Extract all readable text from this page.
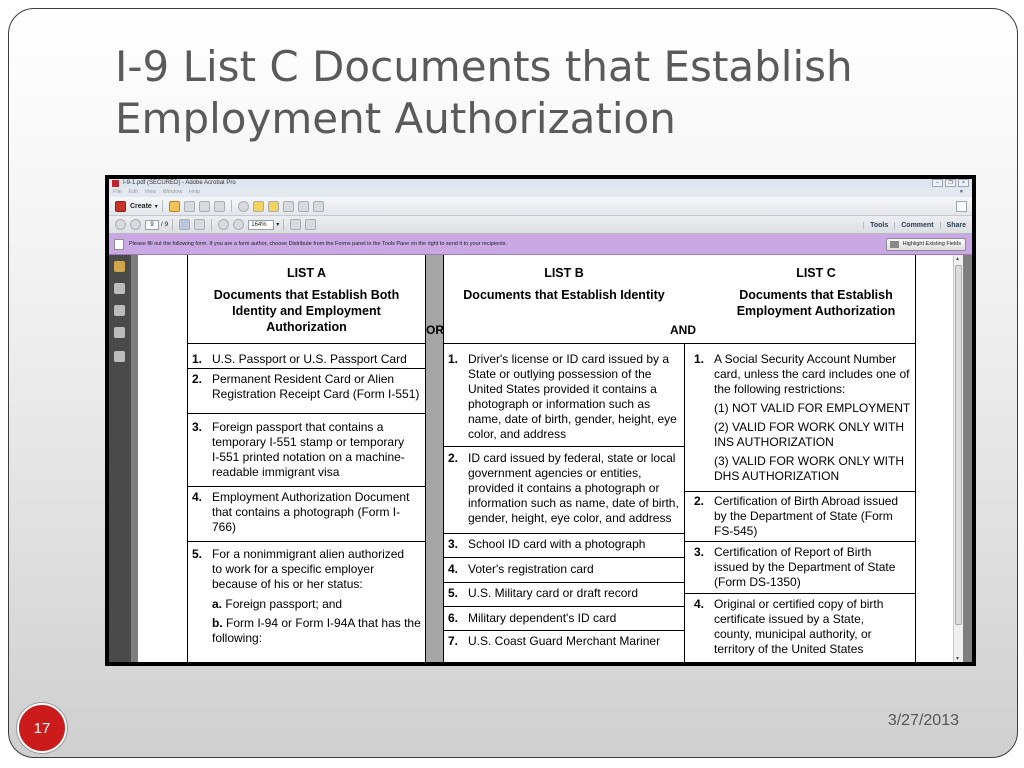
I-9 List C Documents that Establish Employment Authorization
I-9-1.pdf (SECURED) - Adobe Acrobat Pro	–	❐	×
File Edit View Window Help	×
Create ▾
9	/ 9	164%	▾	Tools	Comment	Share
Please fill out the following form. If you are a form author, choose Distribute from the Forms panel in the Tools Pane on the right to send it to your recipients.	Highlight Existing Fields
LIST A
Documents that Establish Both Identity and Employment Authorization
LIST B
Documents that Establish Identity
LIST C
Documents that Establish Employment Authorization
OR	AND
1. U.S. Passport or U.S. Passport Card
2. Permanent Resident Card or Alien Registration Receipt Card (Form I-551)
3. Foreign passport that contains a temporary I-551 stamp or temporary I-551 printed notation on a machine-readable immigrant visa
4. Employment Authorization Document that contains a photograph (Form I-766)
5. For a nonimmigrant alien authorized to work for a specific employer because of his or her status:
a. Foreign passport; and
b. Form I-94 or Form I-94A that has the following:
1. Driver's license or ID card issued by a State or outlying possession of the United States provided it contains a photograph or information such as name, date of birth, gender, height, eye color, and address
2. ID card issued by federal, state or local government agencies or entities, provided it contains a photograph or information such as name, date of birth, gender, height, eye color, and address
3. School ID card with a photograph
4. Voter's registration card
5. U.S. Military card or draft record
6. Military dependent's ID card
7. U.S. Coast Guard Merchant Mariner
1. A Social Security Account Number card, unless the card includes one of the following restrictions:
(1) NOT VALID FOR EMPLOYMENT
(2) VALID FOR WORK ONLY WITH INS AUTHORIZATION
(3) VALID FOR WORK ONLY WITH DHS AUTHORIZATION
2. Certification of Birth Abroad issued by the Department of State (Form FS-545)
3. Certification of Report of Birth issued by the Department of State (Form DS-1350)
4. Original or certified copy of birth certificate issued by a State, county, municipal authority, or territory of the United States
▴
▾
17	3/27/2013
